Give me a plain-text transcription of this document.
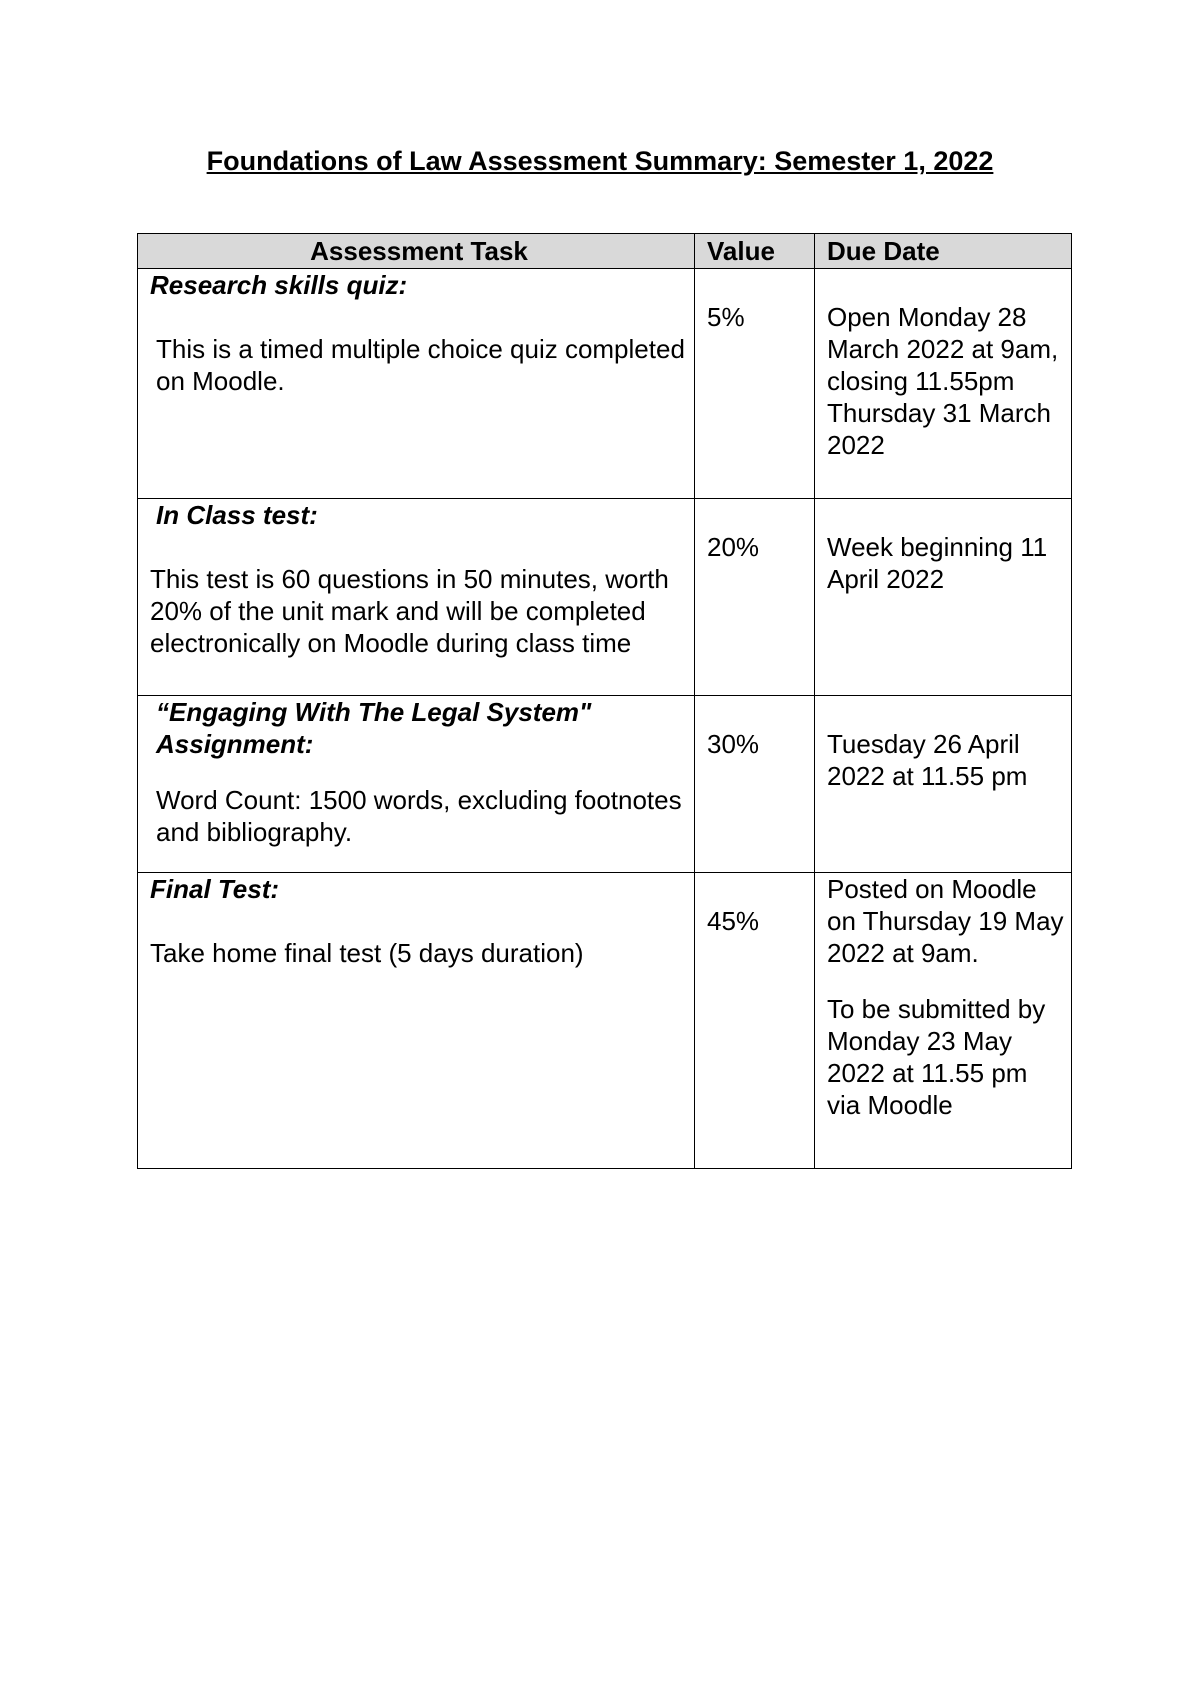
Foundations of Law Assessment Summary: Semester 1, 2022
Assessment Task	Value	Due Date

Research skills quiz:
This is a timed multiple choice quiz completed on Moodle.	5%	Open Monday 28 March 2022 at 9am, closing 11.55pm Thursday 31 March 2022

In Class test:
This test is 60 questions in 50 minutes, worth 20% of the unit mark and will be completed electronically on Moodle during class time	20%	Week beginning 11 April 2022

“Engaging With The Legal System"
Assignment:
Word Count: 1500 words, excluding footnotes and bibliography.	30%	Tuesday 26 April 2022 at 11.55 pm

Final Test:
Take home final test (5 days duration)	45%	Posted on Moodle on Thursday 19 May 2022 at 9am.
To be submitted by Monday 23 May 2022 at 11.55 pm via Moodle
